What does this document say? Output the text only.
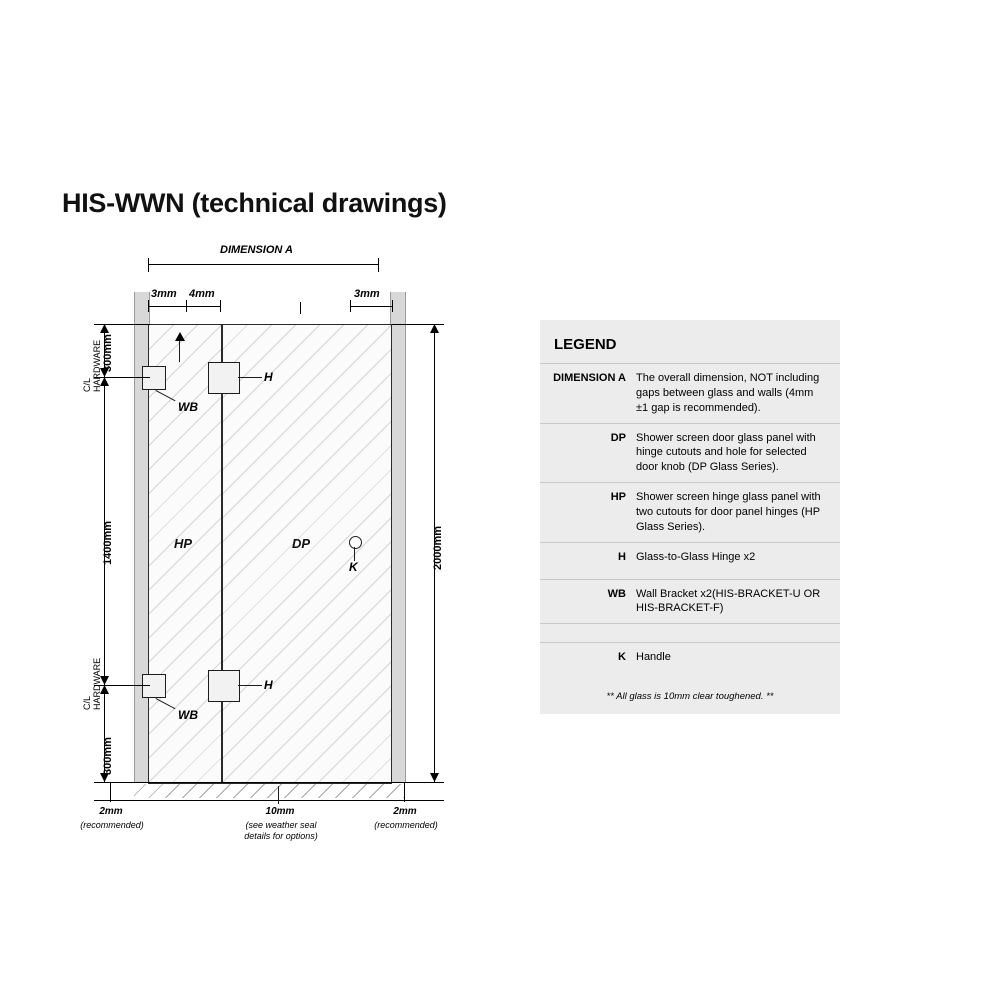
HIS-WWN (technical drawings)
DIMENSION A
3mm 4mm	3mm
HP	DP
WB
H
WB
H
K
300mm
C/L
HARDWARE
1400mm
300mm
C/L
HARDWARE
2000mm
2mm
(recommended)
10mm
(see weather seal
details for options)
2mm
(recommended)
LEGEND
DIMENSION A The overall dimension, NOT including gaps between glass and walls (4mm ±1 gap is recommended).
DP Shower screen door glass panel with hinge cutouts and hole for selected door knob (DP Glass Series).
HP Shower screen hinge glass panel with two cutouts for door panel hinges (HP Glass Series).
H Glass-to-Glass Hinge x2
WB Wall Bracket x2(HIS-BRACKET-U OR HIS-BRACKET-F)
K Handle
** All glass is 10mm clear toughened. **
